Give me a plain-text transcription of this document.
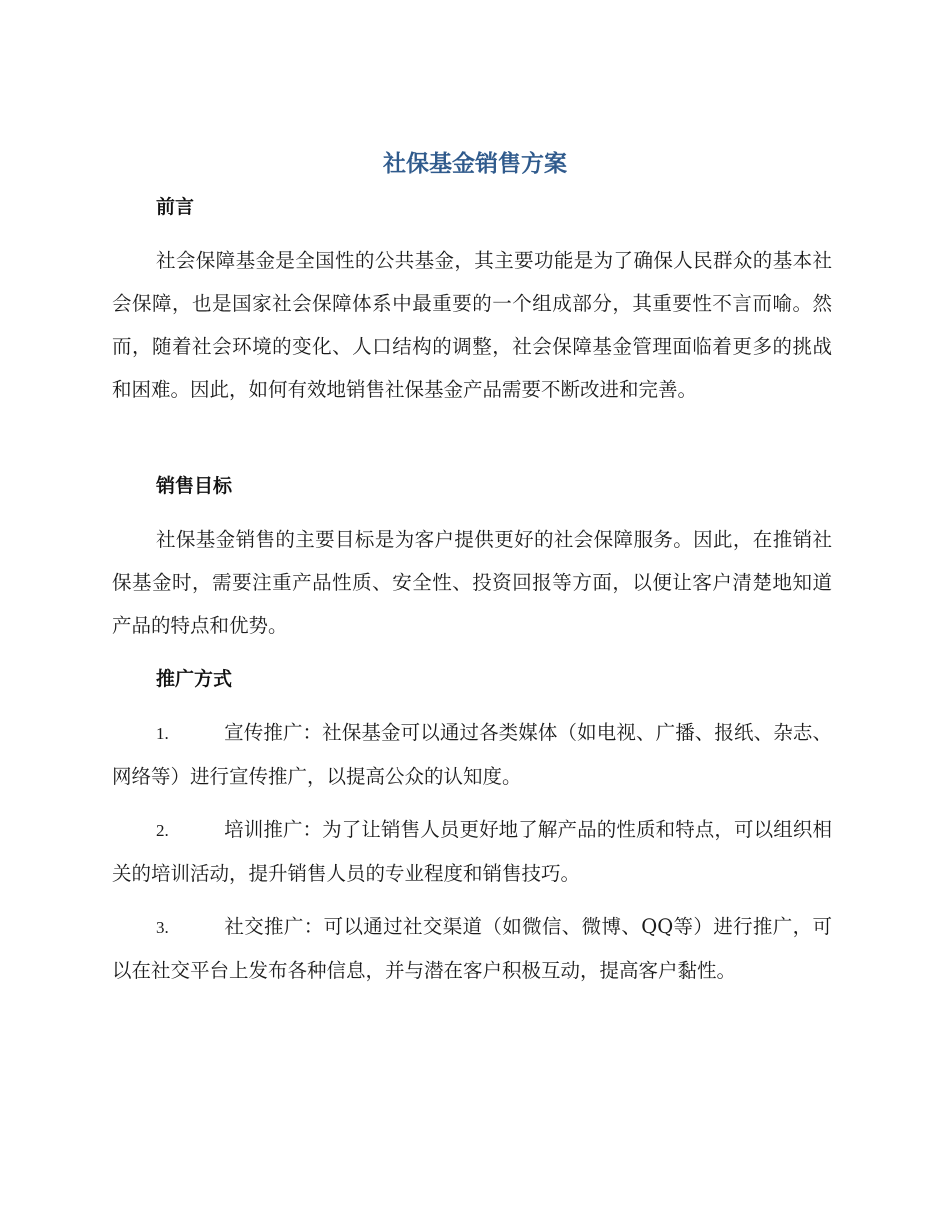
社保基金销售方案
前言

社会保障基金是全国性的公共基金，其主要功能是为了确保人民群众的基本社会保障，也是国家社会保障体系中最重要的一个组成部分，其重要性不言而喻。然而，随着社会环境的变化、人口结构的调整，社会保障基金管理面临着更多的挑战和困难。因此，如何有效地销售社保基金产品需要不断改进和完善。

销售目标

社保基金销售的主要目标是为客户提供更好的社会保障服务。因此，在推销社保基金时，需要注重产品性质、安全性、投资回报等方面，以便让客户清楚地知道产品的特点和优势。

推广方式

1.	宣传推广：社保基金可以通过各类媒体（如电视、广播、报纸、杂志、网络等）进行宣传推广，以提高公众的认知度。

2.	培训推广：为了让销售人员更好地了解产品的性质和特点，可以组织相关的培训活动，提升销售人员的专业程度和销售技巧。

3.	社交推广：可以通过社交渠道（如微信、微博、QQ等）进行推广，可以在社交平台上发布各种信息，并与潜在客户积极互动，提高客户黏性。
